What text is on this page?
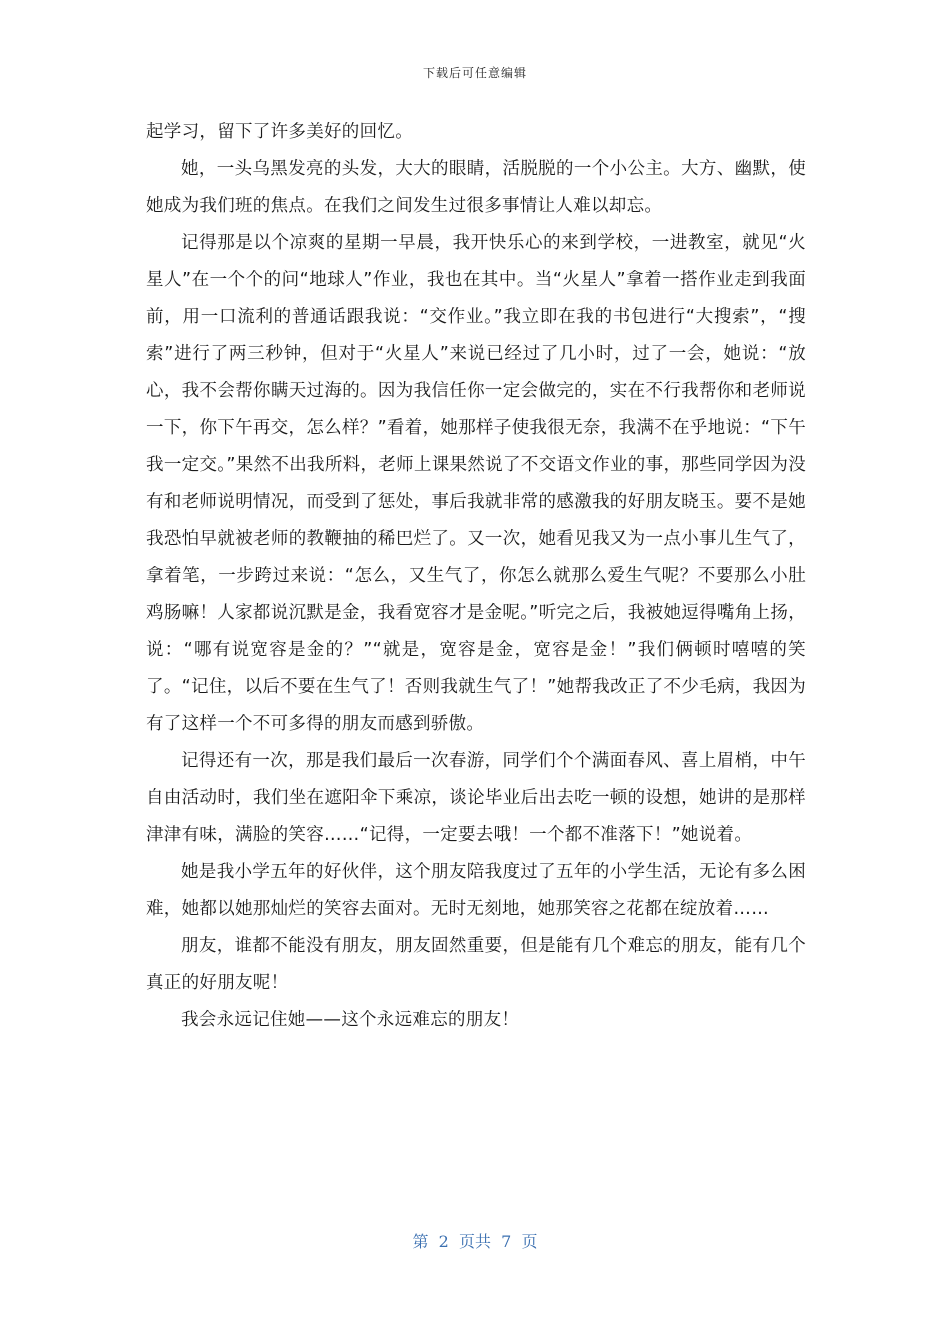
下载后可任意编辑

起学习，留下了许多美好的回忆。

她，一头乌黑发亮的头发，大大的眼睛，活脱脱的一个小公主。大方、幽默，使她成为我们班的焦点。在我们之间发生过很多事情让人难以却忘。

记得那是以个凉爽的星期一早晨，我开快乐心的来到学校，一进教室，就见“火星人”在一个个的问“地球人”作业，我也在其中。当“火星人”拿着一搭作业走到我面前，用一口流利的普通话跟我说：“交作业。”我立即在我的书包进行“大搜索”，“搜索”进行了两三秒钟，但对于“火星人”来说已经过了几小时，过了一会，她说：“放心，我不会帮你瞒天过海的。因为我信任你一定会做完的，实在不行我帮你和老师说一下，你下午再交，怎么样？”看着，她那样子使我很无奈，我满不在乎地说：“下午我一定交。”果然不出我所料，老师上课果然说了不交语文作业的事，那些同学因为没有和老师说明情况，而受到了惩处，事后我就非常的感激我的好朋友晓玉。要不是她我恐怕早就被老师的教鞭抽的稀巴烂了。又一次，她看见我又为一点小事儿生气了，拿着笔，一步跨过来说：“怎么，又生气了，你怎么就那么爱生气呢？不要那么小肚鸡肠嘛！人家都说沉默是金，我看宽容才是金呢。”听完之后，我被她逗得嘴角上扬，说：“哪有说宽容是金的？”“就是，宽容是金，宽容是金！”我们俩顿时嘻嘻的笑了。“记住，以后不要在生气了！否则我就生气了！”她帮我改正了不少毛病，我因为有了这样一个不可多得的朋友而感到骄傲。

记得还有一次，那是我们最后一次春游，同学们个个满面春风、喜上眉梢，中午自由活动时，我们坐在遮阳伞下乘凉，谈论毕业后出去吃一顿的设想，她讲的是那样津津有味，满脸的笑容……“记得，一定要去哦！一个都不准落下！”她说着。

她是我小学五年的好伙伴，这个朋友陪我度过了五年的小学生活，无论有多么困难，她都以她那灿烂的笑容去面对。无时无刻地，她那笑容之花都在绽放着……

朋友，谁都不能没有朋友，朋友固然重要，但是能有几个难忘的朋友，能有几个真正的好朋友呢！

我会永远记住她——这个永远难忘的朋友！

第  2  页共  7  页
